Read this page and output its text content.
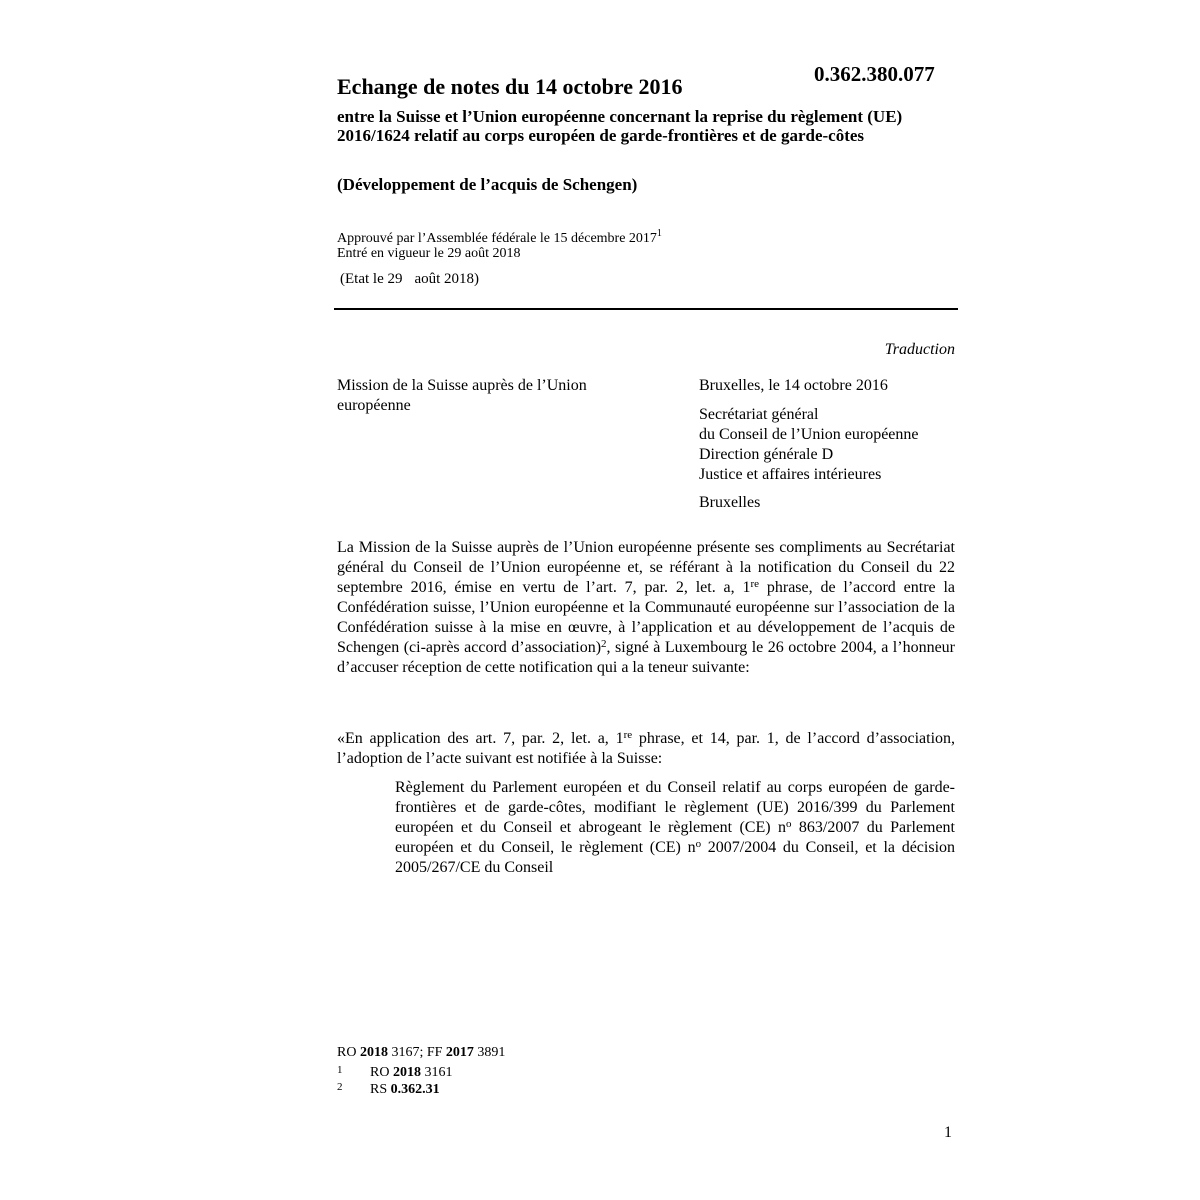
0.362.380.077
Echange de notes du 14 octobre 2016
entre la Suisse et l’Union européenne concernant la reprise du règlement (UE) 2016/1624 relatif au corps européen de garde-frontières et de garde-côtes
(Développement de l’acquis de Schengen)
Approuvé par l’Assemblée fédérale le 15 décembre 2017$^1$
Entré en vigueur le 29 août 2018
(Etat le 29 août 2018)
Traduction
Mission de la Suisse auprès de l’Union européenne
Bruxelles, le 14 octobre 2016
Secrétariat général
du Conseil de l’Union européenne
Direction générale D
Justice et affaires intérieures
Bruxelles
La Mission de la Suisse auprès de l’Union européenne présente ses compliments au Secrétariat général du Conseil de l’Union européenne et, se référant à la notification du Conseil du 22 septembre 2016, émise en vertu de l’art. 7, par. 2, let. a, 1re phrase, de l’accord entre la Confédération suisse, l’Union européenne et la Communauté européenne sur l’association de la Confédération suisse à la mise en œuvre, à l’application et au développement de l’acquis de Schengen (ci-après accord d’association)$^2$, signé à Luxembourg le 26 octobre 2004, a l’honneur d’accuser réception de cette notification qui a la teneur suivante:
«En application des art. 7, par. 2, let. a, 1re phrase, et 14, par. 1, de l’accord d’association, l’adoption de l’acte suivant est notifiée à la Suisse:
Règlement du Parlement européen et du Conseil relatif au corps européen de garde-frontières et de garde-côtes, modifiant le règlement (UE) 2016/399 du Parlement européen et du Conseil et abrogeant le règlement (CE) $n^o$ 863/2007 du Parlement européen et du Conseil, le règlement (CE) $n^o$ 2007/2004 du Conseil, et la décision 2005/267/CE du Conseil
RO 2018 3167; FF 2017 3891
1 RO 2018 3161
2 RS 0.362.31
1
